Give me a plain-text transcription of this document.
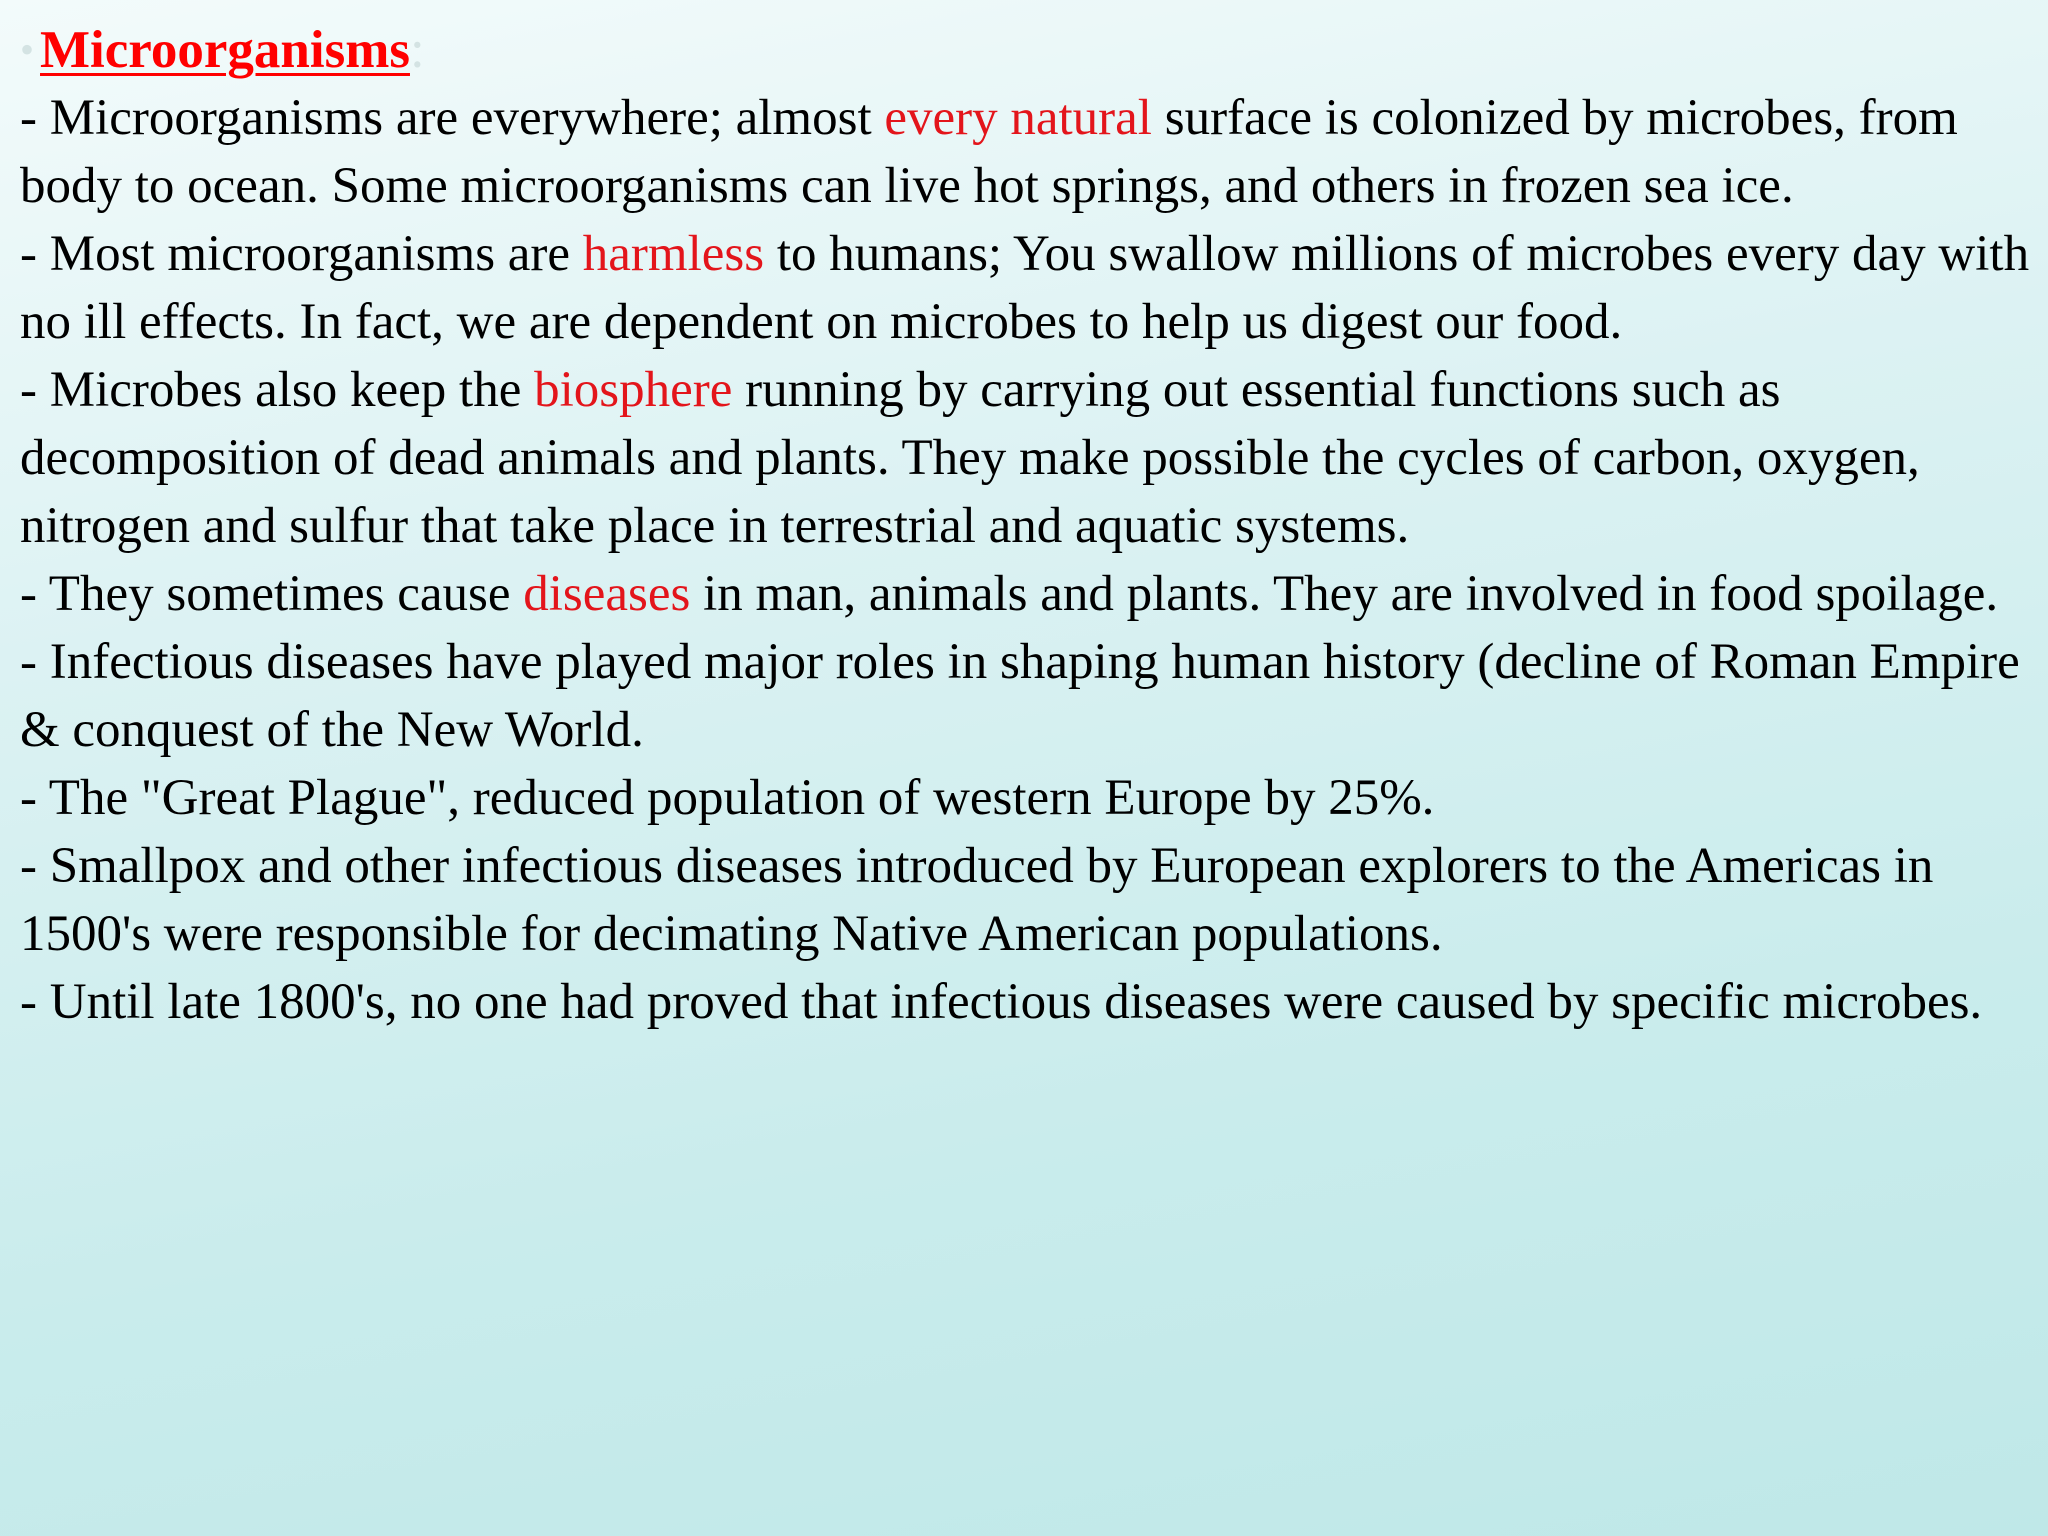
• Microorganisms:

- Microorganisms are everywhere; almost every natural surface is colonized by microbes, from body to ocean. Some microorganisms can live hot springs, and others in frozen sea ice.

- Most microorganisms are harmless to humans; You swallow millions of microbes every day with no ill effects. In fact, we are dependent on microbes to help us digest our food.

- Microbes also keep the biosphere running by carrying out essential functions such as decomposition of dead animals and plants. They make possible the cycles of carbon, oxygen, nitrogen and sulfur that take place in terrestrial and aquatic systems.

- They sometimes cause diseases in man, animals and plants. They are involved in food spoilage.

- Infectious diseases have played major roles in shaping human history (decline of Roman Empire & conquest of the New World.

- The "Great Plague", reduced population of western Europe by 25%.

- Smallpox and other infectious diseases introduced by European explorers to the Americas in 1500's were responsible for decimating Native American populations.

- Until late 1800's, no one had proved that infectious diseases were caused by specific microbes.
